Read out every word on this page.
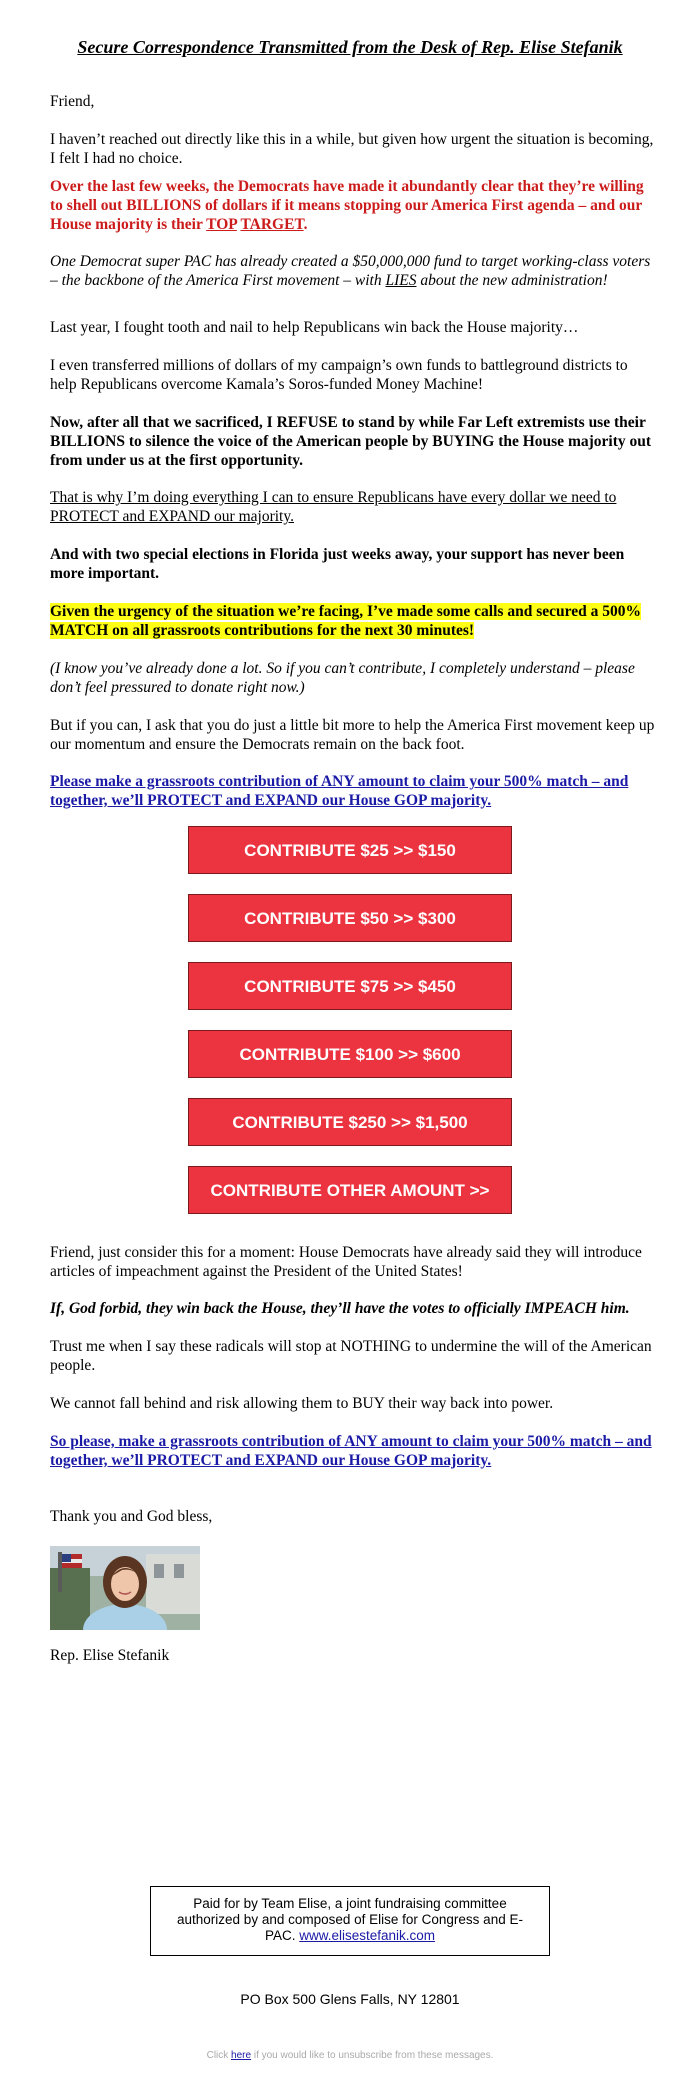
Secure Correspondence Transmitted from the Desk of Rep. Elise Stefanik

Friend,

I haven’t reached out directly like this in a while, but given how urgent the situation is becoming, I felt I had no choice.

Over the last few weeks, the Democrats have made it abundantly clear that they’re willing to shell out BILLIONS of dollars if it means stopping our America First agenda – and our House majority is their TOP TARGET.

One Democrat super PAC has already created a $50,000,000 fund to target working-class voters – the backbone of the America First movement – with LIES about the new administration!

Last year, I fought tooth and nail to help Republicans win back the House majority…

I even transferred millions of dollars of my campaign’s own funds to battleground districts to help Republicans overcome Kamala’s Soros-funded Money Machine!

Now, after all that we sacrificed, I REFUSE to stand by while Far Left extremists use their BILLIONS to silence the voice of the American people by BUYING the House majority out from under us at the first opportunity.

That is why I’m doing everything I can to ensure Republicans have every dollar we need to PROTECT and EXPAND our majority.

And with two special elections in Florida just weeks away, your support has never been more important.

Given the urgency of the situation we’re facing, I’ve made some calls and secured a 500% MATCH on all grassroots contributions for the next 30 minutes!

(I know you’ve already done a lot. So if you can’t contribute, I completely understand – please don’t feel pressured to donate right now.)

But if you can, I ask that you do just a little bit more to help the America First movement keep up our momentum and ensure the Democrats remain on the back foot.

Please make a grassroots contribution of ANY amount to claim your 500% match – and together, we’ll PROTECT and EXPAND our House GOP majority.

CONTRIBUTE $25 >> $150
CONTRIBUTE $50 >> $300
CONTRIBUTE $75 >> $450
CONTRIBUTE $100 >> $600
CONTRIBUTE $250 >> $1,500
CONTRIBUTE OTHER AMOUNT >>

Friend, just consider this for a moment: House Democrats have already said they will introduce articles of impeachment against the President of the United States!

If, God forbid, they win back the House, they’ll have the votes to officially IMPEACH him.

Trust me when I say these radicals will stop at NOTHING to undermine the will of the American people.

We cannot fall behind and risk allowing them to BUY their way back into power.

So please, make a grassroots contribution of ANY amount to claim your 500% match – and together, we’ll PROTECT and EXPAND our House GOP majority.

Thank you and God bless,

Rep. Elise Stefanik

Paid for by Team Elise, a joint fundraising committee authorized by and composed of Elise for Congress and E-PAC. www.elisestefanik.com
PO Box 500 Glens Falls, NY 12801
Click here if you would like to unsubscribe from these messages.
